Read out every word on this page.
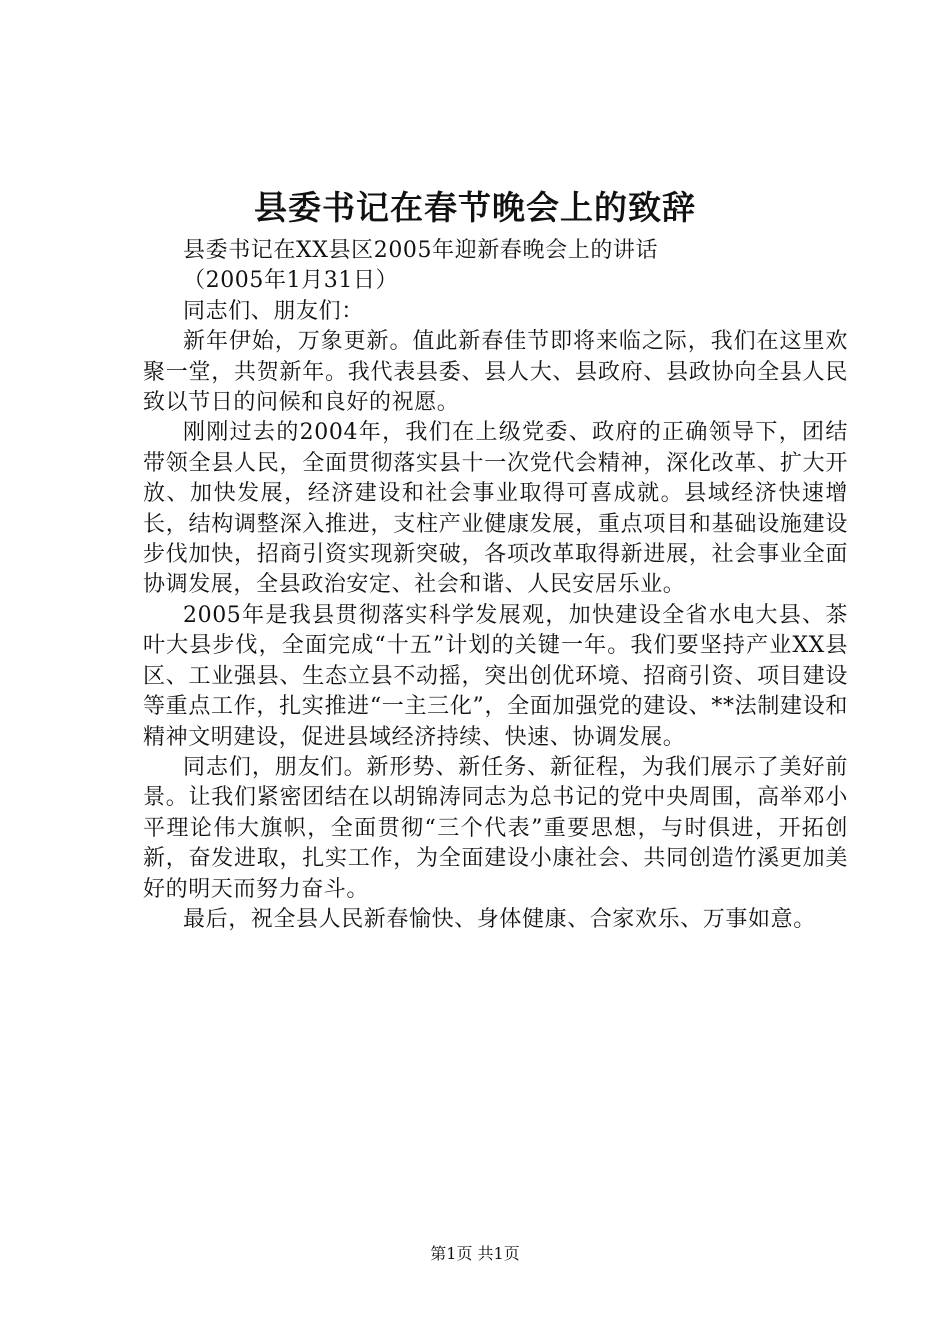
县委书记在春节晚会上的致辞

县委书记在XX县区2005年迎新春晚会上的讲话

（2005年1月31日）

同志们、朋友们：

新年伊始，万象更新。值此新春佳节即将来临之际，我们在这里欢聚一堂，共贺新年。我代表县委、县人大、县政府、县政协向全县人民致以节日的问候和良好的祝愿。

刚刚过去的2004年，我们在上级党委、政府的正确领导下，团结带领全县人民，全面贯彻落实县十一次党代会精神，深化改革、扩大开放、加快发展，经济建设和社会事业取得可喜成就。县域经济快速增长，结构调整深入推进，支柱产业健康发展，重点项目和基础设施建设步伐加快，招商引资实现新突破，各项改革取得新进展，社会事业全面协调发展，全县政治安定、社会和谐、人民安居乐业。

2005年是我县贯彻落实科学发展观，加快建设全省水电大县、茶叶大县步伐，全面完成“十五”计划的关键一年。我们要坚持产业XX县区、工业强县、生态立县不动摇，突出创优环境、招商引资、项目建设等重点工作，扎实推进“一主三化”，全面加强党的建设、**法制建设和精神文明建设，促进县域经济持续、快速、协调发展。

同志们，朋友们。新形势、新任务、新征程，为我们展示了美好前景。让我们紧密团结在以胡锦涛同志为总书记的党中央周围，高举邓小平理论伟大旗帜，全面贯彻“三个代表”重要思想，与时俱进，开拓创新，奋发进取，扎实工作，为全面建设小康社会、共同创造竹溪更加美好的明天而努力奋斗。

最后，祝全县人民新春愉快、身体健康、合家欢乐、万事如意。

第1页 共1页
